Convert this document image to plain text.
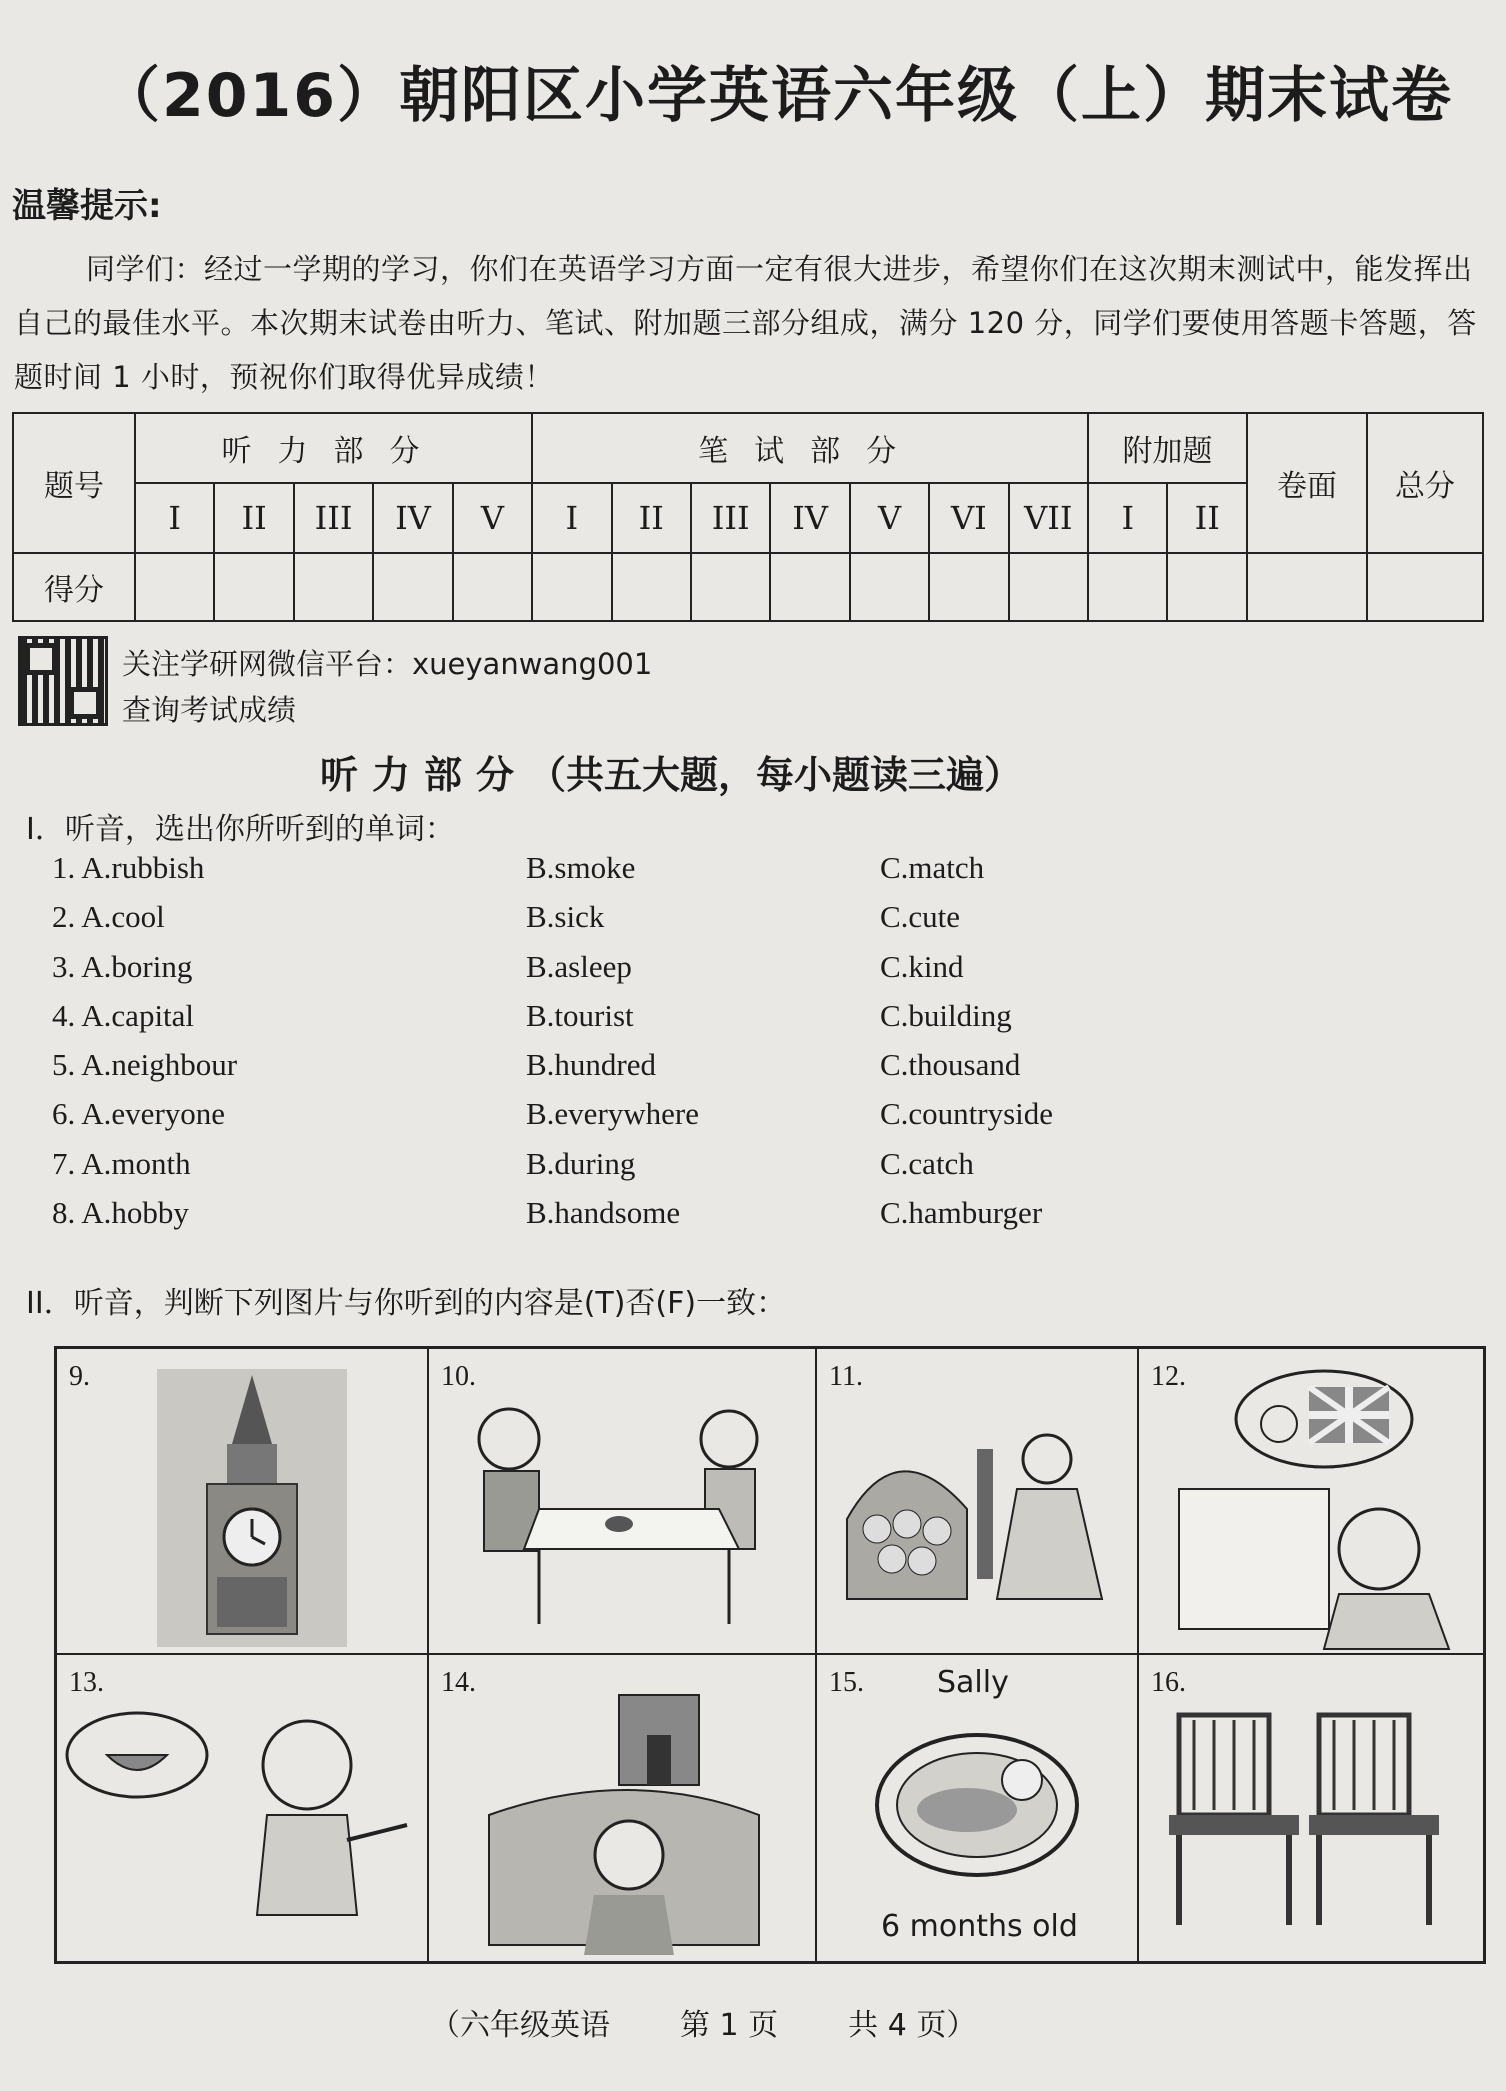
（2016）朝阳区小学英语六年级（上）期末试卷
温馨提示:
同学们：经过一学期的学习，你们在英语学习方面一定有很大进步，希望你们在这次期末测试中，能发挥出自己的最佳水平。本次期末试卷由听力、笔试、附加题三部分组成，满分 120 分，同学们要使用答题卡答题，答题时间 1 小时，预祝你们取得优异成绩！
题号	听力部分					笔试部分							附加题		卷面	总分
	I	II	III	IV	V	I	II	III	IV	V	VI	VII	I	II		
得分																
关注学研网微信平台：xueyanwang001
查询考试成绩
听力部分（共五大题，每小题读三遍）
I．听音，选出你所听到的单词：
1. A.rubbish	B.smoke	C.match
2. A.cool	B.sick	C.cute
3. A.boring	B.asleep	C.kind
4. A.capital	B.tourist	C.building
5. A.neighbour	B.hundred	C.thousand
6. A.everyone	B.everywhere	C.countryside
7. A.month	B.during	C.catch
8. A.hobby	B.handsome	C.hamburger
II．听音，判断下列图片与你听到的内容是(T)否(F)一致：
9.	10.	11.	12.
13.	14.	15. Sally
6 months old
16.
（六年级英语 第 1 页 共 4 页）
